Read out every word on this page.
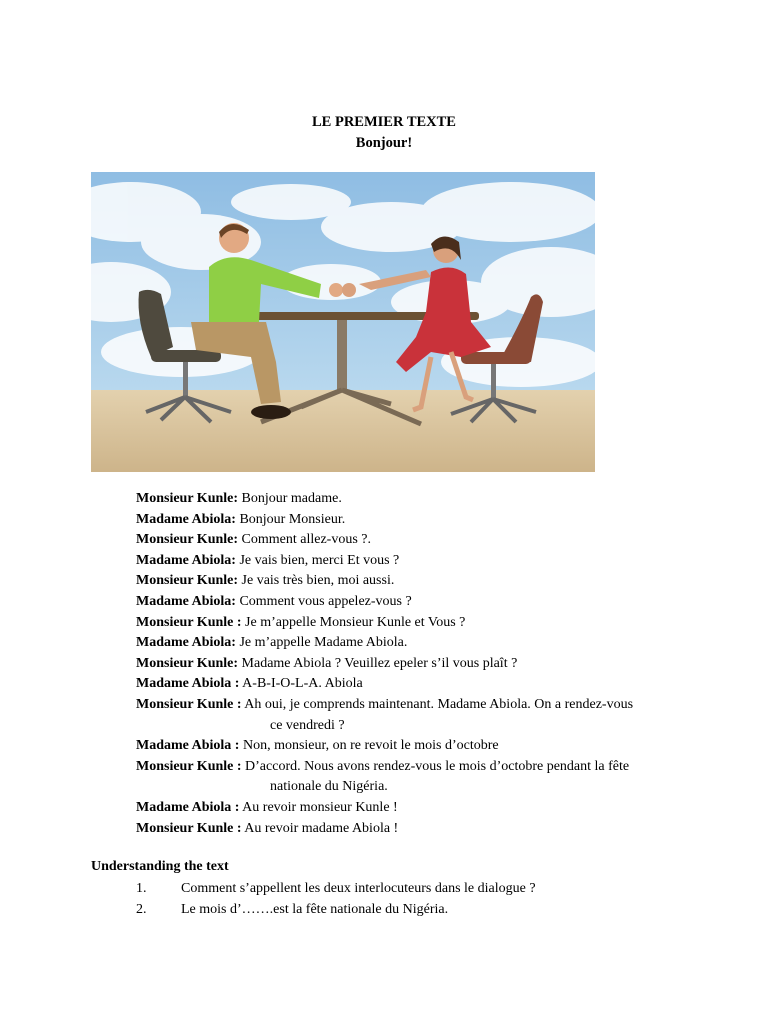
LE PREMIER TEXTE
Bonjour!
Monsieur Kunle: Bonjour madame.
Madame Abiola: Bonjour Monsieur.
Monsieur Kunle: Comment allez-vous ?.
Madame Abiola: Je vais bien, merci Et vous ?
Monsieur Kunle: Je vais très bien, moi aussi.
Madame Abiola: Comment vous appelez-vous ?
Monsieur Kunle : Je m’appelle Monsieur Kunle et Vous ?
Madame Abiola: Je m’appelle Madame Abiola.
Monsieur Kunle: Madame Abiola ? Veuillez epeler s’il vous plaît ?
Madame Abiola : A-B-I-O-L-A. Abiola
Monsieur Kunle : Ah oui, je comprends maintenant. Madame Abiola. On a rendez-vous
ce vendredi ?
Madame Abiola : Non, monsieur, on re revoit le mois d’octobre
Monsieur Kunle : D’accord. Nous avons rendez-vous le mois d’octobre pendant la fête
nationale du Nigéria.
Madame Abiola : Au revoir monsieur Kunle !
Monsieur Kunle : Au revoir madame Abiola !
Understanding the text
1. Comment s’appellent les deux interlocuteurs dans le dialogue ?
2. Le mois d’…….est la fête nationale du Nigéria.
